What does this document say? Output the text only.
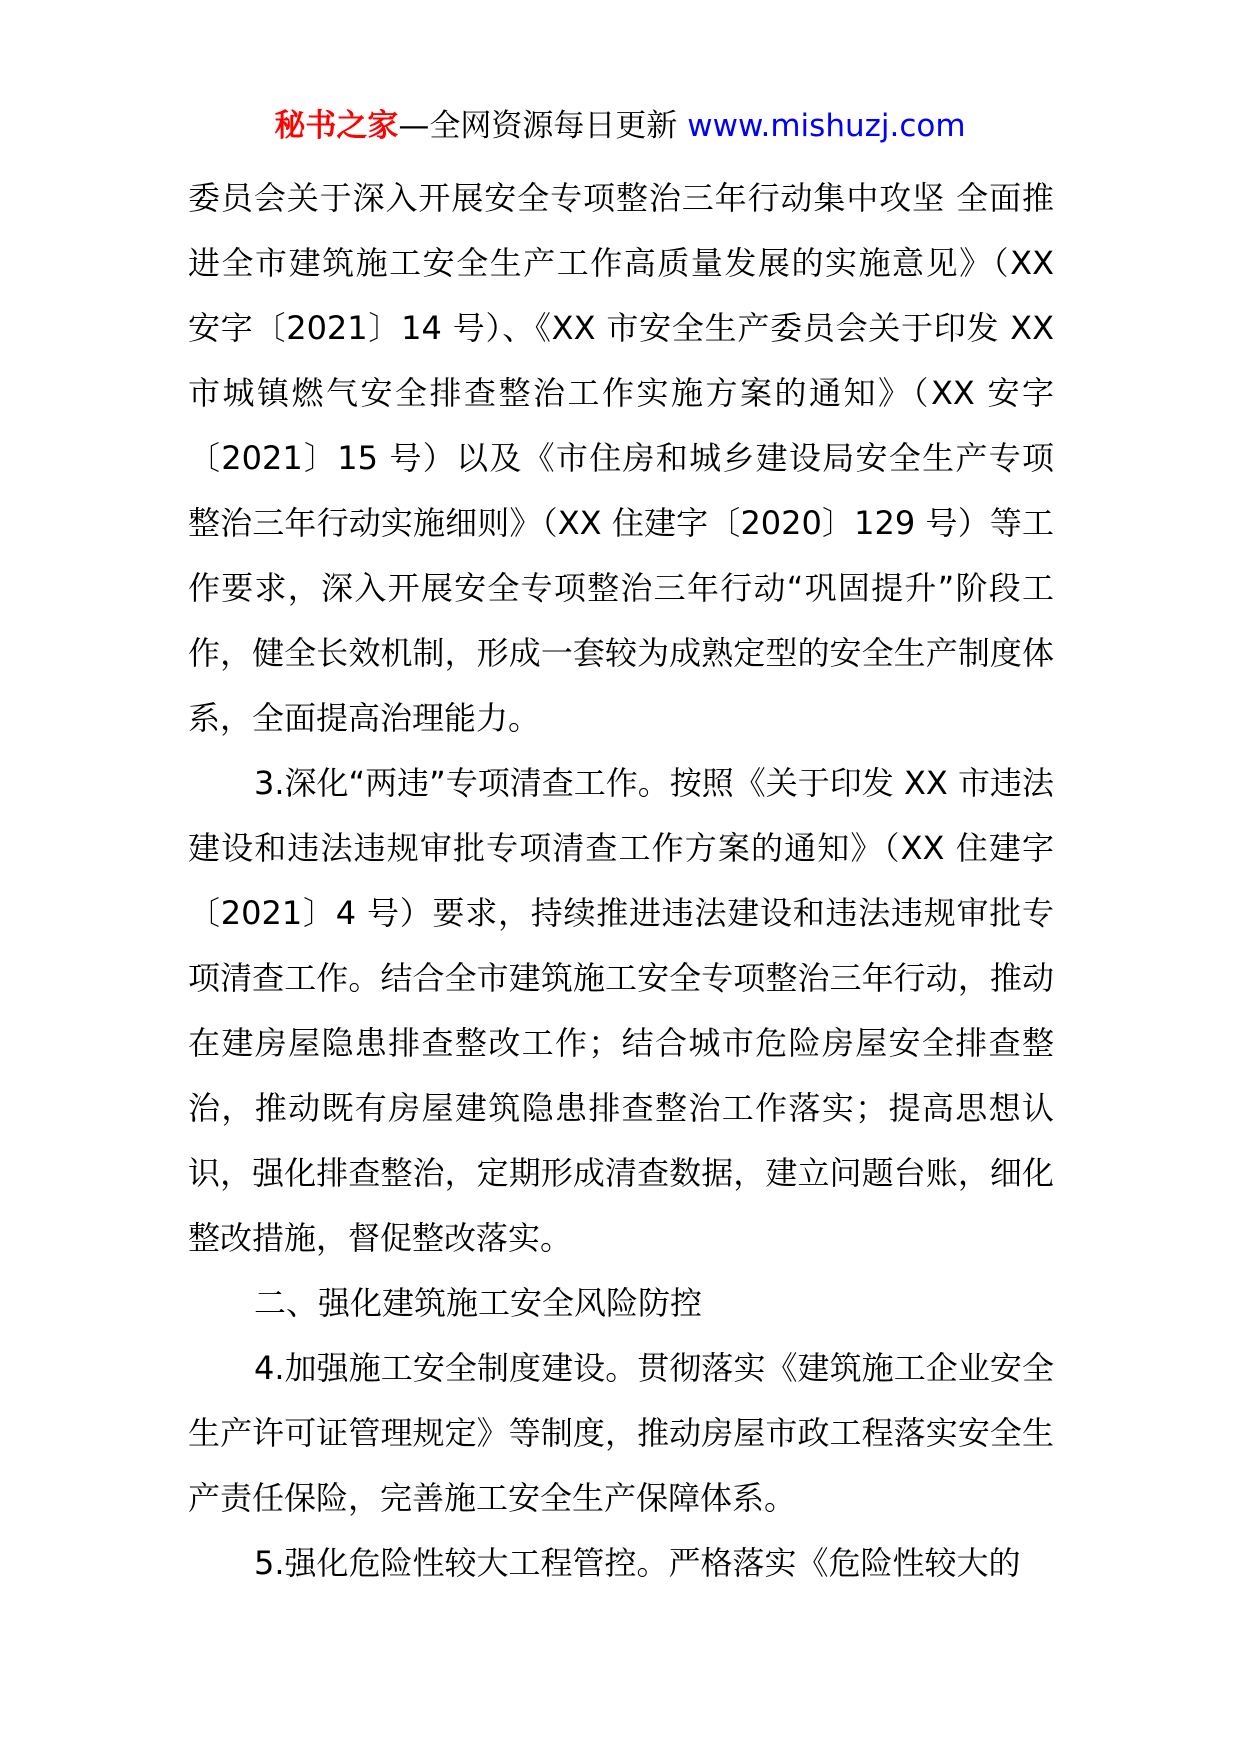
秘书之家—全网资源每日更新 www.mishuzj.com

委员会关于深入开展安全专项整治三年行动集中攻坚 全面推进全市建筑施工安全生产工作高质量发展的实施意见》（XX 安字〔2021〕14 号）、《XX 市安全生产委员会关于印发 XX 市城镇燃气安全排查整治工作实施方案的通知》（XX 安字〔2021〕15 号）以及《市住房和城乡建设局安全生产专项整治三年行动实施细则》（XX 住建字〔2020〕129 号）等工作要求，深入开展安全专项整治三年行动“巩固提升”阶段工作，健全长效机制，形成一套较为成熟定型的安全生产制度体系，全面提高治理能力。

3.深化“两违”专项清查工作。按照《关于印发 XX 市违法建设和违法违规审批专项清查工作方案的通知》（XX 住建字〔2021〕4 号）要求，持续推进违法建设和违法违规审批专项清查工作。结合全市建筑施工安全专项整治三年行动，推动在建房屋隐患排查整改工作；结合城市危险房屋安全排查整治，推动既有房屋建筑隐患排查整治工作落实；提高思想认识，强化排查整治，定期形成清查数据，建立问题台账，细化整改措施，督促整改落实。

二、强化建筑施工安全风险防控

4.加强施工安全制度建设。贯彻落实《建筑施工企业安全生产许可证管理规定》等制度，推动房屋市政工程落实安全生产责任保险，完善施工安全生产保障体系。

5.强化危险性较大工程管控。严格落实《危险性较大的
